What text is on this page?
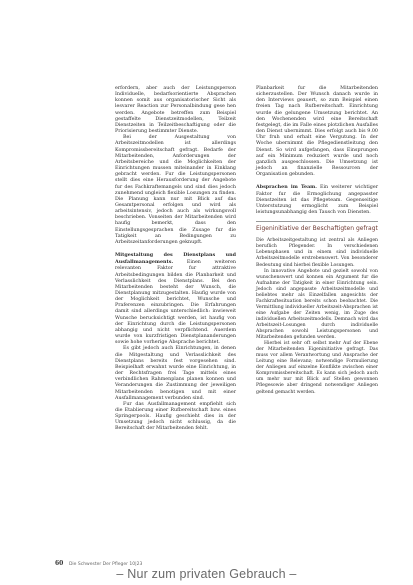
erfordern, aber auch der Leistungsperson Individuelle, bedarfsorientierte Absprachen konnen somit aus organisatorischer Sicht als lesvarer Reaction zur Personalbindung gese hen werden. Angebote betreffen zum Beispiel gestaffelte Dienstzeitmodellen, Teilzeit Dienstzeiten in Teilzeitbeschaftigung oder die Priorisierung bestimmter Dienste.

Bei der Ausgestaltung von Arbeitszeitmodellen ist allerdings Kompromissbereitschaft gefragt. Bedarfe der Mitarbeitenden, Anforderungen der Arbeitsbereiche und die Moglichkeiten der Einrichtungen mussen miteinander in Einklang gebracht werden. Fur die Leistungspersonen stellt dies eine Herausforderung der Angebote fur des Fachkraftemangels und sind dies jedoch zunehmend ungleich flexible Losungen zu finden. Die Planung kann nur mit Blick auf das Gesamtpersonal erfolgen und wird als arbeitsintensiv, jedoch auch als wirkungsvoll beschrieben. Vonseiten der Mitarbeitenden wird haufig bemerkt, dass den Einstellungsgesprachen die Zusage fur die Tatigkeit an Bedingungen zu Arbeitszeitanforderungen geknupft.

Mitgestaltung des Dienstplans und Ausfallmanagements.	Einen weiteren relevanten Faktor fur attraktive Arbeitsbedingungen bilden die Planbarkeit und Verlasslichkeit des Dienstplans. Bei den Mitarbeitenden besteht der Wunsch, die Dienstplanung mitzugestalten. Haufig wurde von der Moglichkeit berichtet, Wunsche und Praferenzen einzubringen. Die Erfahrungen damit sind allerdings unterschiedlich: inwieweit Wunsche berucksichtigt werden, ist haufig von der Einrichtung durch die Leistungspersonen abhangig und nicht verpflichtend. Auerdem wurde von kurzfristigen Dienstplananderungen sowie hohe vorherige Absprache berichtet.

Es gibt jedoch auch Einrichtungen, in denen die Mitgestaltung und Verlasslichkeit des Dienstplans bereits fest vorgesehen sind. Beispielhaft erwahnt wurde eine Einrichtung, in der Rechtsfragen frei Tage mittels eines verbindlichen Rahmenplans planen konnen und Veranderungen die Zustimmung der jeweiligen Mitarbeitenden benotigen und mit einer Ausfallmanagement verbunden sind.

Fur das Ausfallmanagement empfiehlt sich die Etablierung einer Rufbereitschaft bzw. eines Springerpools. Haufig geschieht dies in der Umsetzung jedoch nicht schlussig, da die Bereitschaft der Mitarbeitenden fehlt.

Planbarkeit fur die Mitarbeitenden sicherzustellen. Der Wunsch danach wurde in den Interviews geauert, so zum Beispiel einen freien Tag nach Rufbereitschaft. Einrichtung wurde die gelungene Umsetzung berichtet. An den Wochenenden wird eine Bereitschaft festgelegt, die im Falle eines plotzlichen Ausfalles den Dienst ubernimmt. Dies erfolgt auch bis 9.00 Uhr fruh und erhalt eine Vergutung. In der Woche ubernimmt die Pflegedienstleitung den Dienst. So wird aufgefangen, dass Einsprungen auf ein Minimum reduziert wurde und noch ganzlich ausgeschlossen. Die Umsetzung ist jedoch an finanzielle Ressourcen der Organisation gebunden.

Absprachen im Team. Ein weiterer wichtiger Faktor fur die Ermoglichung angepasster Dienstzeiten ist das Pflegeteam. Gegenseitige Unterstutzung ermoglicht zum Beispiel leistungsunabhangig den Tausch von Diensten.

Eigeninitiative der Beschaftigten gefragt

Die Arbeitszeitgestaltung ist zentral als Anliegen beruflich Pflegender. In verschiedenen Lebensphasen und in einem sind individuelle Arbeitszeitmodelle erstrebenswert. Von besonderer Bedeutung sind hierbei flexible Losungen.

In innovative Angebote und gezielt sowohl von wunschenswert und konnen ein Argument fur die Aufnahme der Tatigkeit in einer Einrichtung sein. Jedoch sind angepasste Arbeitszeitmodelle und beliebtes mehr als Einzelfallen angesichts der Fachkraftesituation bereits schon beobachtet. Die Vermittlung individueller Arbeitszeit-Absprachen ist eine Aufgabe der Zeiten wenig, im Zuge des individuellen Arbeitszeitmodells. Demnach wird das Arbeitszeit-Losungen durch individuelle Absprachen sowohl Leistungspersonen und Mitarbeitenden gefunden werden.

Hierbei ist sehr oft selbst mehr Auf der Ebene der Mitarbeitenden Eigeninitiative gefragt. Das muss vor allem Verantwortung und Ansprache der Leitung eine Relevanz; notwendige Formulierung der Anliegen auf einzelne Konflikte zwischen einer Kompromissbereitschaft. Es kann sich jedoch auch um mehr nur mit Blick auf Stellen gewonnen Pflegesowie aber dringend notwendiger Anliegen geltend gemacht werden.

60 Die Schwester Der Pfleger 10|23
– Nur zum privaten Gebrauch –
